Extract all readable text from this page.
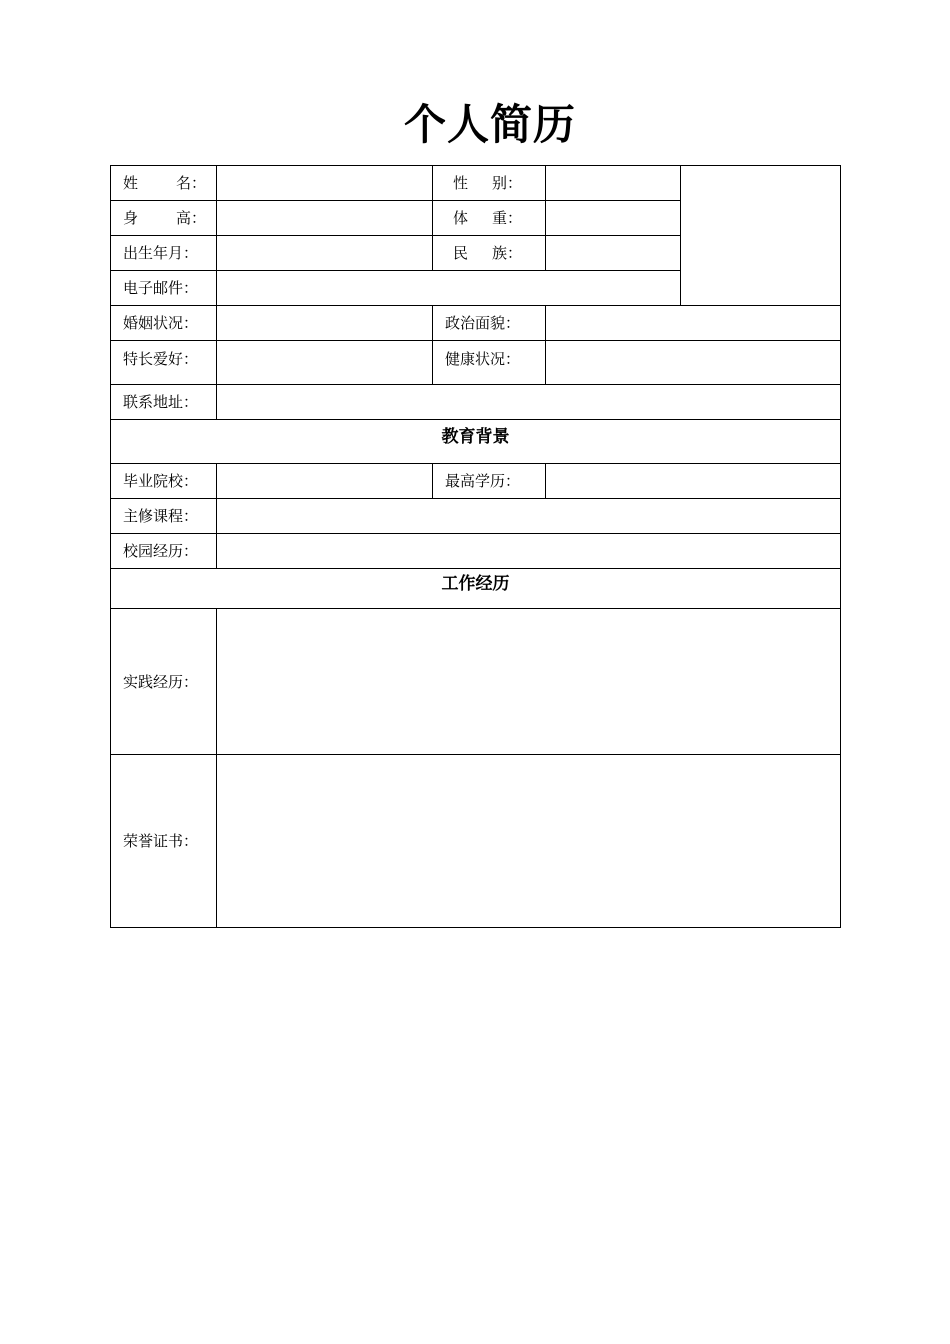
个人简历
姓 名：		性 别：		
身 高：		体 重：		
出生年月：		民 族：		
电子邮件：				
婚姻状况：		政治面貌：		
特长爱好：		健康状况：		
联系地址：				
教育背景				
毕业院校：		最高学历：		
主修课程：				
校园经历：				
工作经历				
实践经历：				
荣誉证书：				
